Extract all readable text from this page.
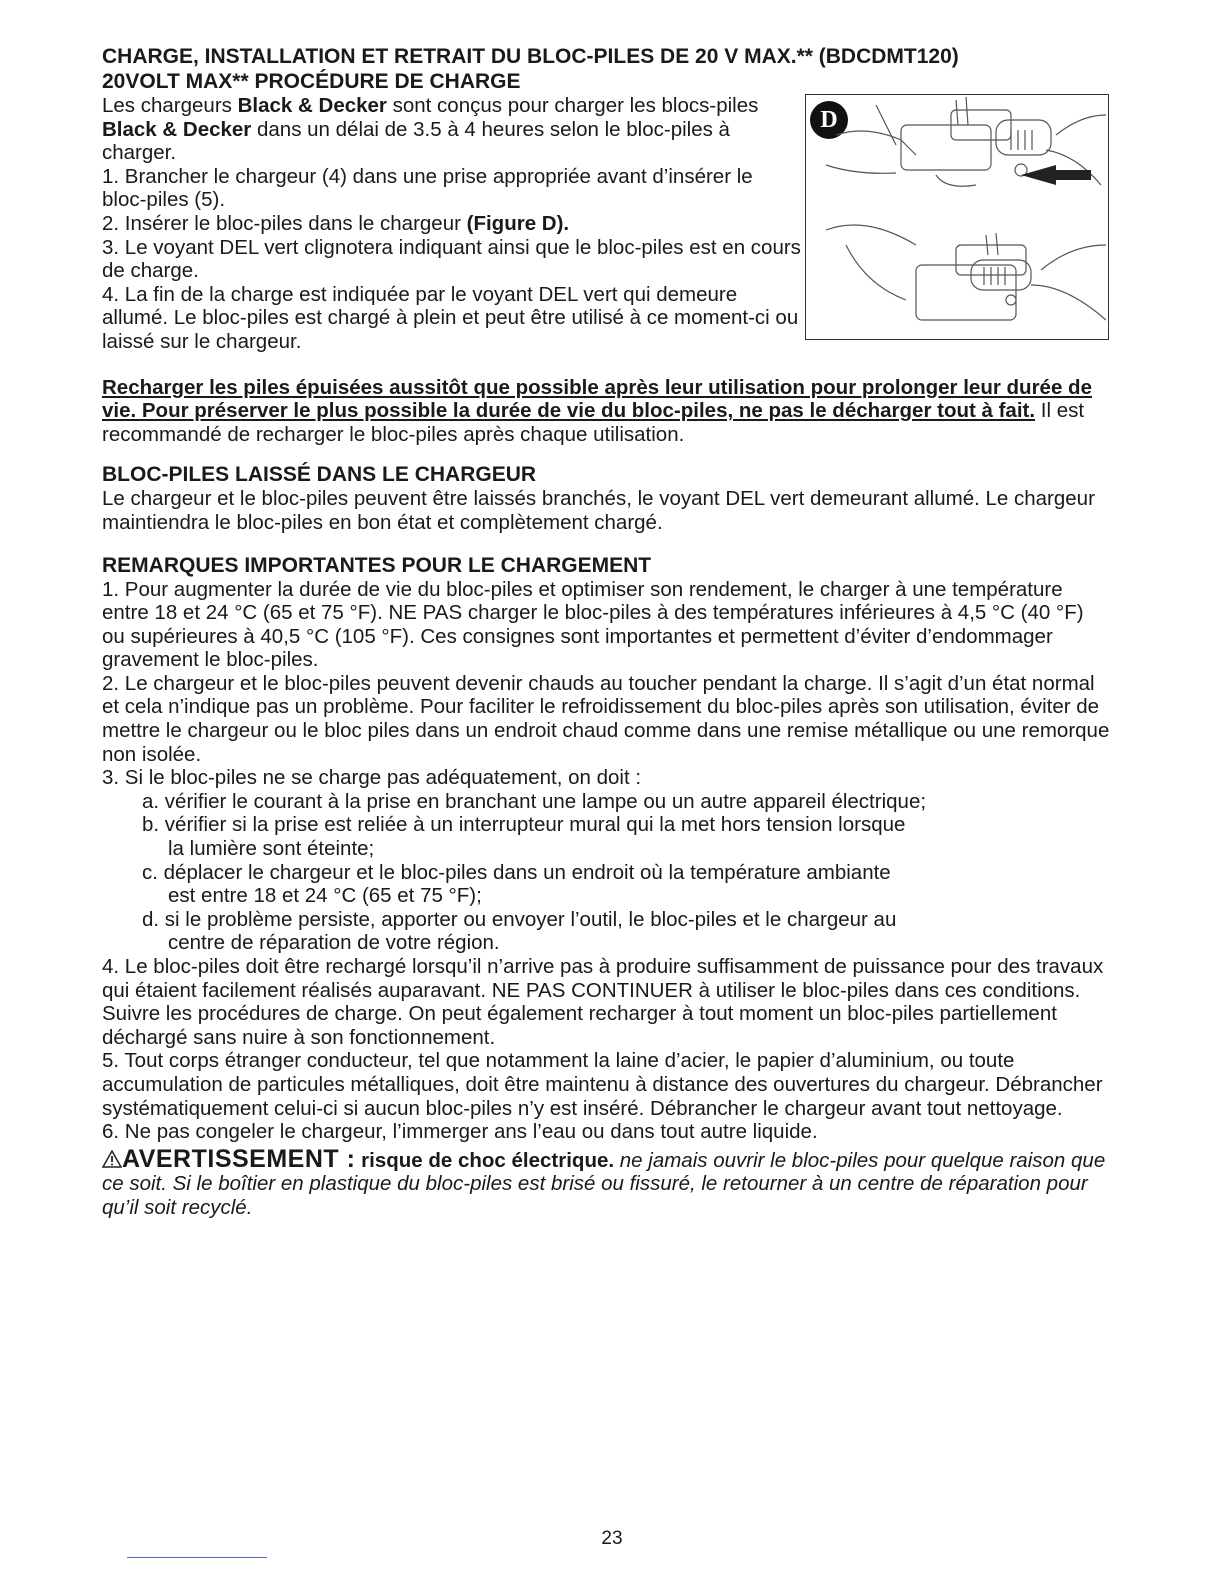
CHARGE, INSTALLATION ET RETRAIT DU BLOC-PILES DE 20 V MAX.** (BDCDMT120)
20VOLT MAX** PROCÉDURE DE CHARGE

Les chargeurs Black & Decker sont conçus pour charger les blocs-piles Black & Decker dans un délai de 3.5 à 4 heures selon le bloc-piles à charger.

1. Brancher le chargeur (4) dans une prise appropriée avant d’insérer le bloc-piles (5).

2. Insérer le bloc-piles dans le chargeur (Figure D).

3. Le voyant DEL vert clignotera indiquant ainsi que le bloc-piles est en cours de charge.

4. La fin de la charge est indiquée par le voyant DEL vert qui demeure allumé. Le bloc-piles est chargé à plein et peut être utilisé à ce moment-ci ou laissé sur le chargeur.

D

Recharger les piles épuisées aussitôt que possible après leur utilisation pour prolonger leur durée de vie. Pour préserver le plus possible la durée de vie du bloc-piles, ne pas le décharger tout à fait. Il est recommandé de recharger le bloc-piles après chaque utilisation.

BLOC-PILES LAISSÉ DANS LE CHARGEUR

Le chargeur et le bloc-piles peuvent être laissés branchés, le voyant DEL vert demeurant allumé. Le chargeur maintiendra le bloc-piles en bon état et complètement chargé.

REMARQUES IMPORTANTES POUR LE CHARGEMENT

1. Pour augmenter la durée de vie du bloc-piles et optimiser son rendement, le charger à une température entre 18 et 24 °C (65 et 75 °F). NE PAS charger le bloc-piles à des températures inférieures à 4,5 °C (40 °F) ou supérieures à 40,5 °C (105 °F). Ces consignes sont importantes et permettent d’éviter d’endommager gravement le bloc-piles.

2. Le chargeur et le bloc-piles peuvent devenir chauds au toucher pendant la charge. Il s’agit d’un état normal et cela n’indique pas un problème. Pour faciliter le refroidissement du bloc-piles après son utilisation, éviter de mettre le chargeur ou le bloc piles dans un endroit chaud comme dans une remise métallique ou une remorque non isolée.

3. Si le bloc-piles ne se charge pas adéquatement, on doit :

a. vérifier le courant à la prise en branchant une lampe ou un autre appareil électrique;

b. vérifier si la prise est reliée à un interrupteur mural qui la met hors tension lorsque

la lumière sont éteinte;

c. déplacer le chargeur et le bloc-piles dans un endroit où la température ambiante

est entre 18 et 24 °C (65 et 75 °F);

d. si le problème persiste, apporter ou envoyer l’outil, le bloc-piles et le chargeur au

centre de réparation de votre région.

4. Le bloc-piles doit être rechargé lorsqu’il n’arrive pas à produire suffisamment de puissance pour des travaux qui étaient facilement réalisés auparavant. NE PAS CONTINUER à utiliser le bloc-piles dans ces conditions. Suivre les procédures de charge. On peut également recharger à tout moment un bloc-piles partiellement déchargé sans nuire à son fonctionnement.

5. Tout corps étranger conducteur, tel que notamment la laine d’acier, le papier d’aluminium, ou toute accumulation de particules métalliques, doit être maintenu à distance des ouvertures du chargeur. Débrancher systématiquement celui-ci si aucun bloc-piles n’y est inséré. Débrancher le chargeur avant tout nettoyage.

6. Ne pas congeler le chargeur, l’immerger ans l’eau ou dans tout autre liquide.

AVERTISSEMENT : risque de choc électrique. ne jamais ouvrir le bloc-piles pour quelque raison que ce soit. Si le boîtier en plastique du bloc-piles est brisé ou fissuré, le retourner à un centre de réparation pour qu’il soit recyclé.

23
